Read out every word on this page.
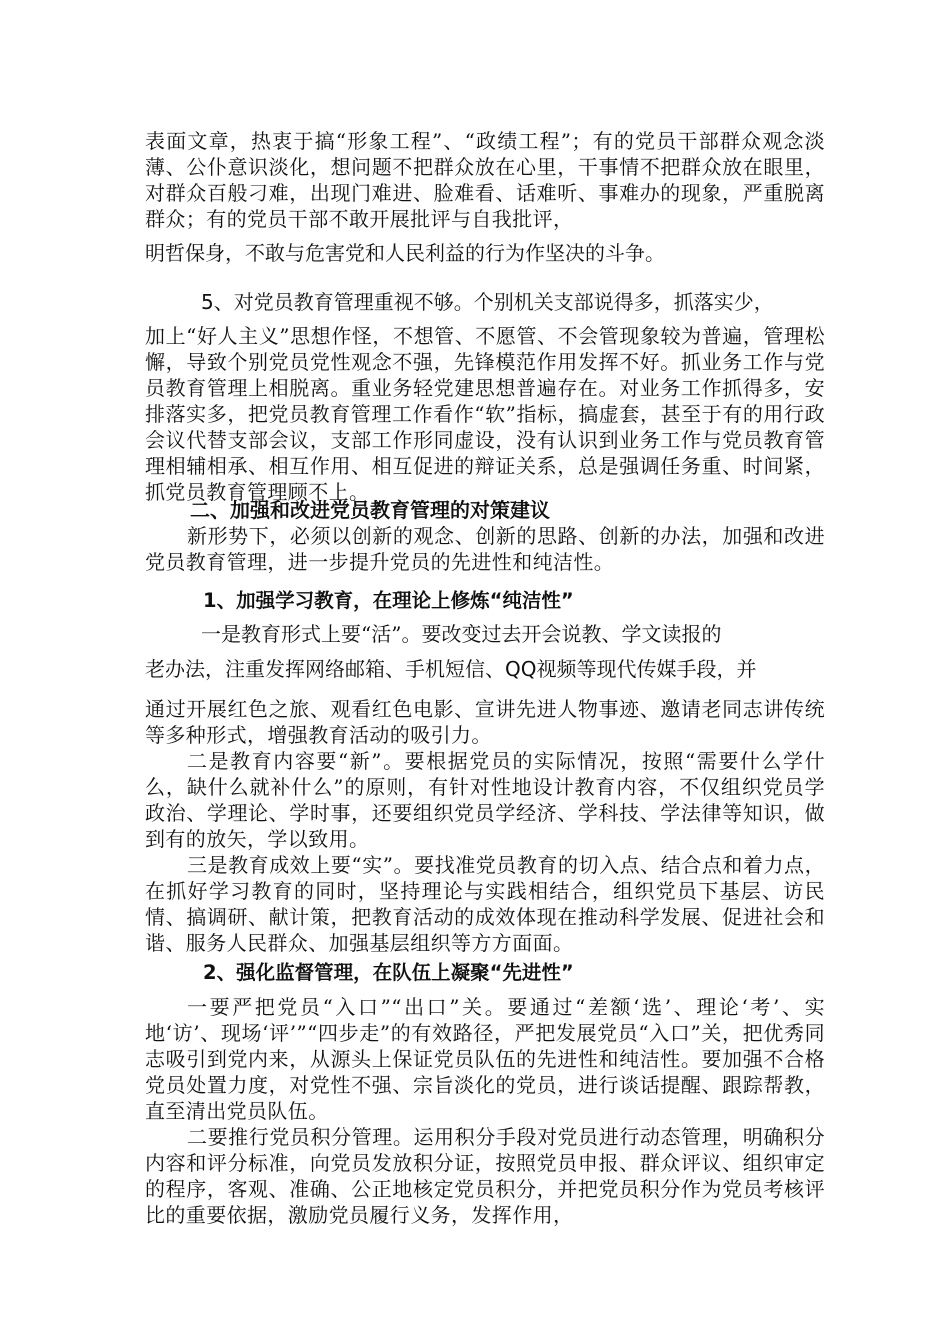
表面文章，热衷于搞“形象工程”、“政绩工程”；有的党员干部群众观念淡薄、公仆意识淡化，想问题不把群众放在心里，干事情不把群众放在眼里，对群众百般刁难，出现门难进、脸难看、话难听、事难办的现象，严重脱离群众；有的党员干部不敢开展批评与自我批评，

明哲保身，不敢与危害党和人民利益的行为作坚决的斗争。

5、对党员教育管理重视不够。个别机关支部说得多，抓落实少，

加上“好人主义”思想作怪，不想管、不愿管、不会管现象较为普遍，管理松懈，导致个别党员党性观念不强，先锋模范作用发挥不好。抓业务工作与党员教育管理上相脱离。重业务轻党建思想普遍存在。对业务工作抓得多，安排落实多，把党员教育管理工作看作“软”指标，搞虚套，甚至于有的用行政会议代替支部会议，支部工作形同虚设，没有认识到业务工作与党员教育管理相辅相承、相互作用、相互促进的辩证关系，总是强调任务重、时间紧，抓党员教育管理顾不上。

二、加强和改进党员教育管理的对策建议

新形势下，必须以创新的观念、创新的思路、创新的办法，加强和改进党员教育管理，进一步提升党员的先进性和纯洁性。

1、加强学习教育，在理论上修炼“纯洁性”

一是教育形式上要“活”。要改变过去开会说教、学文读报的

老办法，注重发挥网络邮箱、手机短信、QQ视频等现代传媒手段，并

通过开展红色之旅、观看红色电影、宣讲先进人物事迹、邀请老同志讲传统等多种形式，增强教育活动的吸引力。

二是教育内容要“新”。要根据党员的实际情况，按照“需要什么学什么，缺什么就补什么”的原则，有针对性地设计教育内容，不仅组织党员学政治、学理论、学时事，还要组织党员学经济、学科技、学法律等知识，做到有的放矢，学以致用。

三是教育成效上要“实”。要找准党员教育的切入点、结合点和着力点，在抓好学习教育的同时，坚持理论与实践相结合，组织党员下基层、访民情、搞调研、献计策，把教育活动的成效体现在推动科学发展、促进社会和谐、服务人民群众、加强基层组织等方方面面。

2、强化监督管理，在队伍上凝聚“先进性”

一要严把党员“入口”“出口”关。要通过“差额‘选’、理论‘考’、实地‘访’、现场‘评’”“四步走”的有效路径，严把发展党员“入口”关，把优秀同志吸引到党内来，从源头上保证党员队伍的先进性和纯洁性。要加强不合格党员处置力度，对党性不强、宗旨淡化的党员，进行谈话提醒、跟踪帮教，直至清出党员队伍。

二要推行党员积分管理。运用积分手段对党员进行动态管理，明确积分内容和评分标准，向党员发放积分证，按照党员申报、群众评议、组织审定的程序，客观、准确、公正地核定党员积分，并把党员积分作为党员考核评比的重要依据，激励党员履行义务，发挥作用，
